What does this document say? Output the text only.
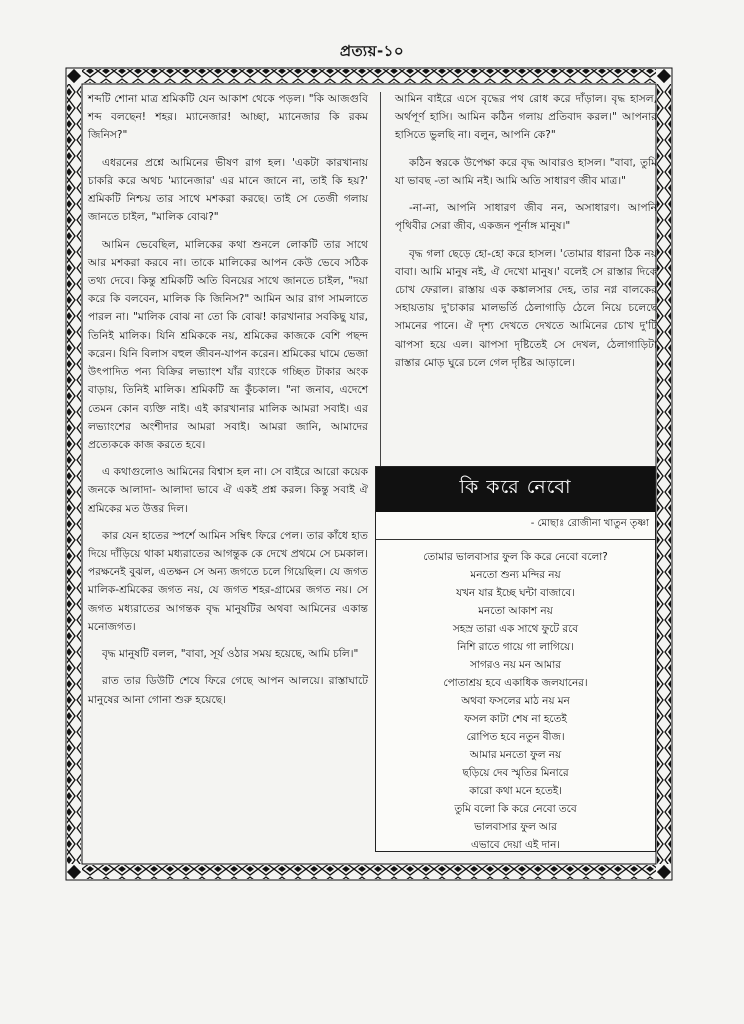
প্রত্যয়-১০

শব্দটি শোনা মাত্র শ্রমিকটি যেন আকাশ থেকে পড়ল। "কি আজগুবি শব্দ বলছেন! শহর। ম্যানেজার! আচ্ছা, ম্যানেজার কি রকম জিনিস?"

এধরনের প্রশ্নে আমিনের ভীষণ রাগ হল। 'একটা কারখানায় চাকরি করে অথচ 'ম্যানেজার' এর মানে জানে না, তাই কি হয়?' শ্রমিকটি নিশ্চয় তার সাথে মশকরা করছে। তাই সে তেজী গলায় জানতে চাইল, "মালিক বোঝ?"

আমিন ভেবেছিল, মালিকের কথা শুনলে লোকটি তার সাথে আর মশকরা করবে না। তাকে মালিকের আপন কেউ ভেবে সঠিক তথ্য দেবে। কিন্তু শ্রমিকটি অতি বিনয়ের সাথে জানতে চাইল, "দয়া করে কি বলবেন, মালিক কি জিনিস?" আমিন আর রাগ সামলাতে পারল না। "মালিক বোঝ না তো কি বোঝ! কারখানার সবকিছু যার, তিনিই মালিক। যিনি শ্রমিককে নয়, শ্রমিকের কাজকে বেশি পছন্দ করেন। যিনি বিলাস বহুল জীবন-যাপন করেন। শ্রমিকের ঘামে ভেজা উৎপাদিত পন্য বিক্রির লভ্যাংশ যাঁর ব্যাংকে গচ্ছিত টাকার অংক বাড়ায়, তিনিই মালিক। শ্রমিকটি ভ্রূ কুঁচকাল। "না জনাব, এদেশে তেমন কোন ব্যক্তি নাই। এই কারখানার মালিক আমরা সবাই। এর লভ্যাংশের অংশীদার আমরা সবাই। আমরা জানি, আমাদের প্রত্যেককে কাজ করতে হবে।

এ কথাগুলোও আমিনের বিশ্বাস হল না। সে বাইরে আরো কয়েক জনকে আলাদা- আলাদা ভাবে ঐ একই প্রশ্ন করল। কিন্তু সবাই ঐ শ্রমিকের মত উত্তর দিল।

কার যেন হাতের স্পর্শে আমিন সম্বিৎ ফিরে পেল। তার কাঁধে হাত দিয়ে দাঁড়িয়ে থাকা মধ্যরাতের আগন্তুক কে দেখে প্রথমে সে চমকাল। পরক্ষনেই বুঝল, এতক্ষন সে অন্য জগতে চলে গিয়েছিল। যে জগত মালিক-শ্রমিকের জগত নয়, যে জগত শহর-গ্রামের জগত নয়। সে জগত মধ্যরাতের আগন্তক বৃদ্ধ মানুষটির অথবা আমিনের একান্ত মনোজগত।

বৃদ্ধ মানুষটি বলল, "বাবা, সূর্য ওঠার সময় হয়েছে, আমি চলি।"

রাত তার ডিউটি শেষে ফিরে গেছে আপন আলয়ে। রাস্তাঘাটে মানুষের আনা গোনা শুরু হয়েছে।

আমিন বাইরে এসে বৃদ্ধের পথ রোধ করে দাঁড়াল। বৃদ্ধ হাসল, অর্থপূর্ণ হাসি। আমিন কঠিন গলায় প্রতিবাদ করল।" আপনার হাসিতে ভুলছি না। বলুন, আপনি কে?"

কঠিন স্বরকে উপেক্ষা করে বৃদ্ধ আবারও হাসল। "বাবা, তুমি যা ভাবছ -তা আমি নই। আমি অতি সাধারণ জীব মাত্র।"

-না-না, আপনি সাধারণ জীব নন, অসাধারণ। আপনি পৃথিবীর সেরা জীব, একজন পূর্নাঙ্গ মানুষ।"

বৃদ্ধ গলা ছেড়ে হো-হো করে হাসল। 'তোমার ধারনা ঠিক নয় বাবা। আমি মানুষ নই, ঐ দেখো মানুষ।' বলেই সে রাস্তার দিকে চোখ ফেরাল। রাস্তায় এক কঙ্কালসার দেহ, তার নগ্ন বালকের সহায়তায় দু'চাকার মালভর্তি ঠেলাগাড়ি ঠেলে নিয়ে চলেছে সামনের পানে। ঐ দৃশ্য দেখতে দেখতে আমিনের চোখ দু'টি ঝাপসা হয়ে এল। ঝাপসা দৃষ্টিতেই সে দেখল, ঠেলাগাড়িটা রাস্তার মোড় ঘুরে চলে গেল দৃষ্টির আড়ালে।

কি করে নেবো
- মোছাঃ রোজীনা খাতুন তৃষ্ণা
তোমার ভালবাসার ফুল কি করে নেবো বলো?
মনতো শুন্য মন্দির নয়
যখন যার ইচ্ছে ঘন্টা বাজাবে।
মনতো আকাশ নয়
সহস্র তারা এক সাথে ফুটে রবে
নিশি রাতে গায়ে গা লাগিয়ে।
সাগরও নয় মন আমার
পোতাশ্রয় হবে একাধিক জলযানের।
অথবা ফসলের মাঠ নয় মন
ফসল কাটা শেষ না হতেই
রোপিত হবে নতুন বীজ।
আমার মনতো ফুল নয়
ছড়িয়ে দেব স্মৃতির মিনারে
কারো কথা মনে হতেই।
তুমি বলো কি করে নেবো তবে
ভালবাসার ফুল আর
এভাবে দেয়া এই দান।
